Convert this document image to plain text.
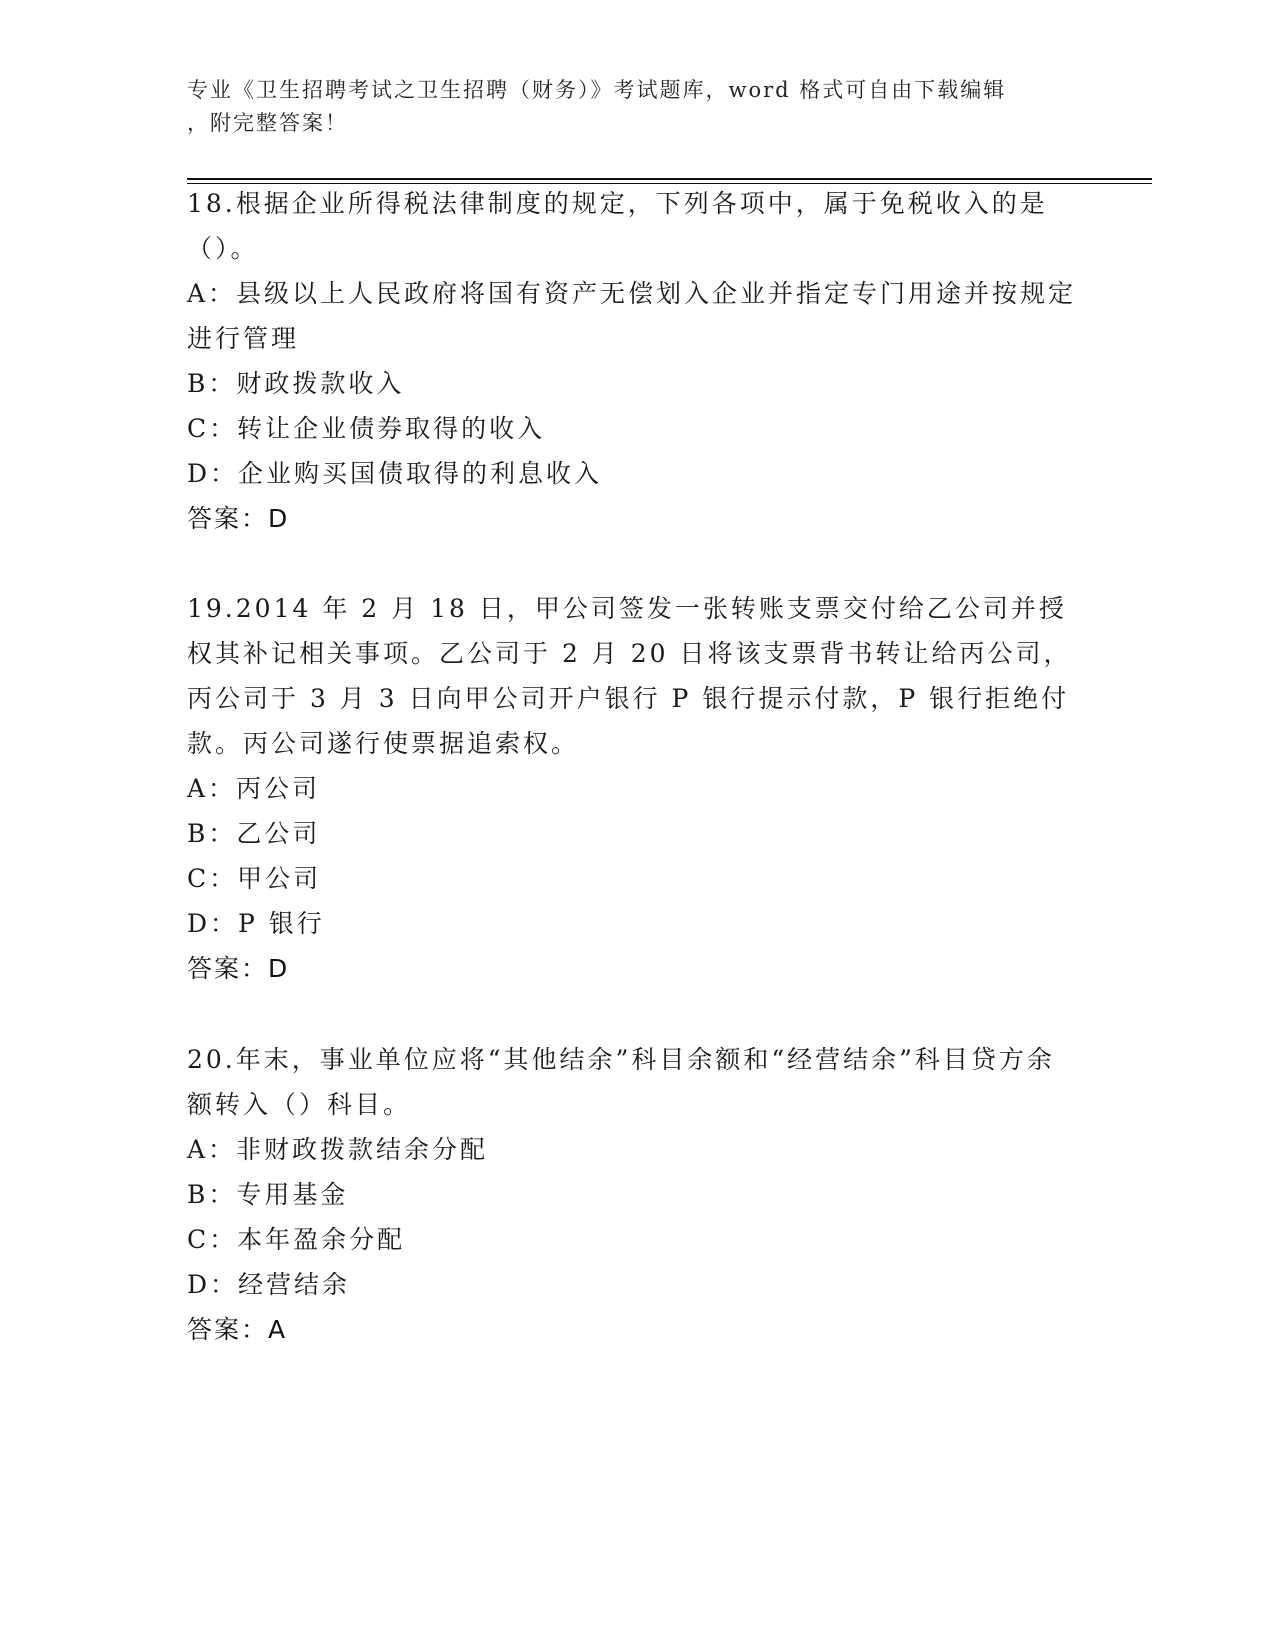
专业《卫生招聘考试之卫生招聘（财务）》考试题库，word 格式可自由下载编辑
，附完整答案！

18.根据企业所得税法律制度的规定，下列各项中，属于免税收入的是（）。

A：县级以上人民政府将国有资产无偿划入企业并指定专门用途并按规定进行管理

B：财政拨款收入

C：转让企业债券取得的收入

D：企业购买国债取得的利息收入

答案：D

19.2014 年 2 月 18 日，甲公司签发一张转账支票交付给乙公司并授权其补记相关事项。乙公司于 2 月 20 日将该支票背书转让给丙公司，丙公司于 3 月 3 日向甲公司开户银行 P 银行提示付款，P 银行拒绝付款。丙公司遂行使票据追索权。

A：丙公司

B：乙公司

C：甲公司

D：P 银行

答案：D

20.年末，事业单位应将“其他结余”科目余额和“经营结余”科目贷方余额转入（）科目。

A：非财政拨款结余分配

B：专用基金

C：本年盈余分配

D：经营结余

答案：A
